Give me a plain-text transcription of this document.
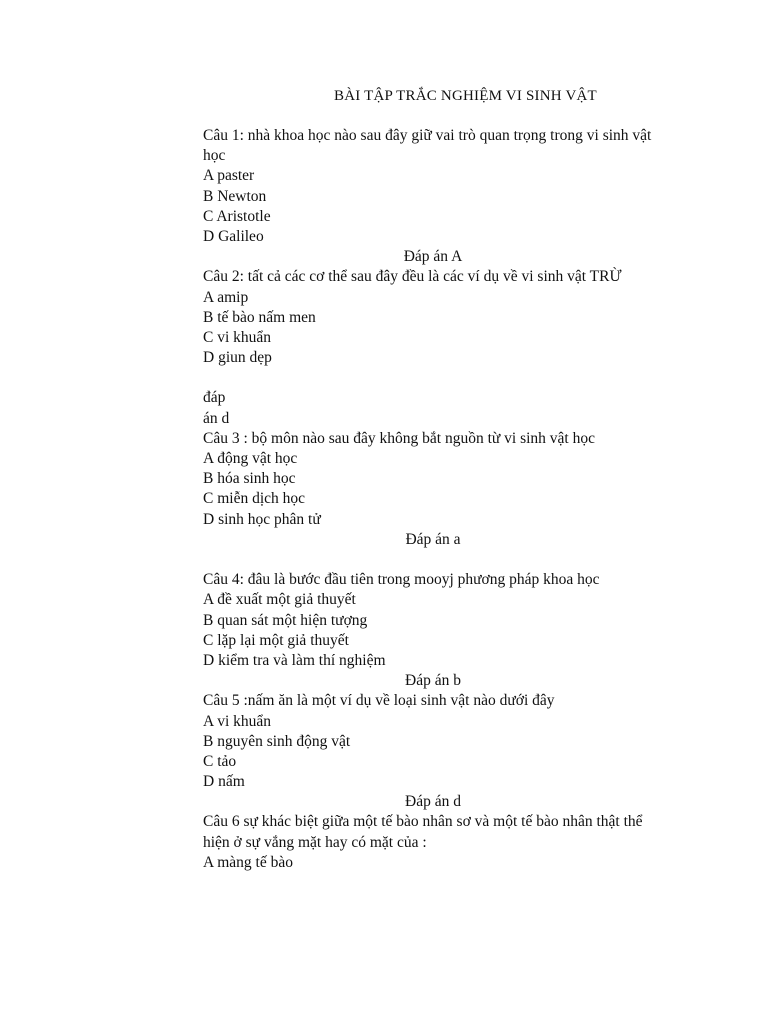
BÀI TẬP TRẮC NGHIỆM VI SINH VẬT
Câu 1: nhà khoa học nào sau đây giữ vai trò quan trọng trong vi sinh vật học
A paster
B Newton
C Aristotle
D Galileo
Đáp án A
Câu 2: tất cả các cơ thể sau đây đều là các ví dụ về vi sinh vật TRỪ
A amip
B tế bào nấm men
C vi khuẩn
D giun dẹp
đáp
án d
Câu 3 : bộ môn nào sau đây không bắt nguồn từ vi sinh vật học
A động vật học
B hóa sinh học
C miễn dịch học
D sinh học phân tử
Đáp án a
Câu 4: đâu là bước đầu tiên trong mooyj phương pháp khoa học
A đề xuất một giả thuyết
B quan sát một hiện tượng
C lặp lại một giả thuyết
D kiểm tra và làm thí nghiệm
Đáp án b
Câu 5 :nấm ăn là một ví dụ về loại sinh vật nào dưới đây
A vi khuẩn
B nguyên sinh động vật
C tảo
D nấm
Đáp án d
Câu 6 sự khác biệt giữa một tế bào nhân sơ và một tế bào nhân thật thể hiện ở sự vắng mặt hay có mặt của :
A màng tế bào
